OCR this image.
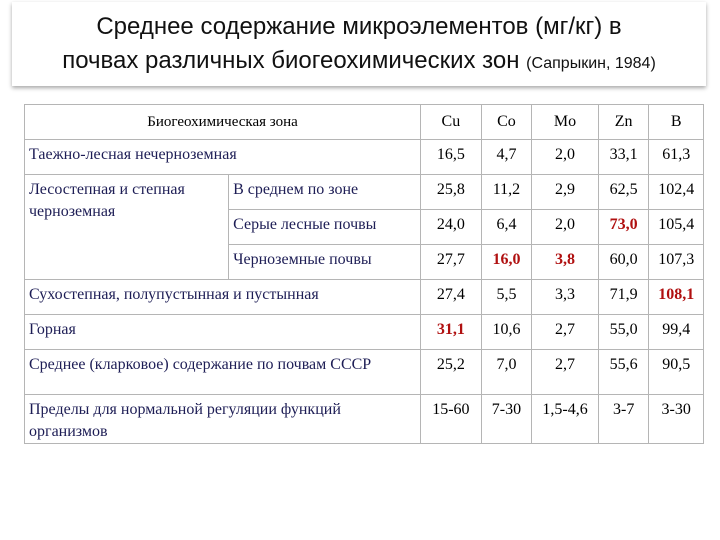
Среднее содержание микроэлементов (мг/кг) в
почвах различных биогеохимических зон (Сапрыкин, 1984)
Биогеохимическая зона		Cu	Co	Mo	Zn	B
Таежно-лесная нечерноземная		16,5	4,7	2,0	33,1	61,3
Лесостепная и степная черноземная	В среднем по зоне	25,8	11,2	2,9	62,5	102,4
	Серые лесные почвы	24,0	6,4	2,0	73,0	105,4
	Черноземные почвы	27,7	16,0	3,8	60,0	107,3
Сухостепная, полупустынная и пустынная		27,4	5,5	3,3	71,9	108,1
Горная		31,1	10,6	2,7	55,0	99,4
Среднее (кларковое) содержание по почвам СССР		25,2	7,0	2,7	55,6	90,5
Пределы для нормальной регуляции функций организмов		15-60	7-30	1,5-4,6	3-7	3-30
